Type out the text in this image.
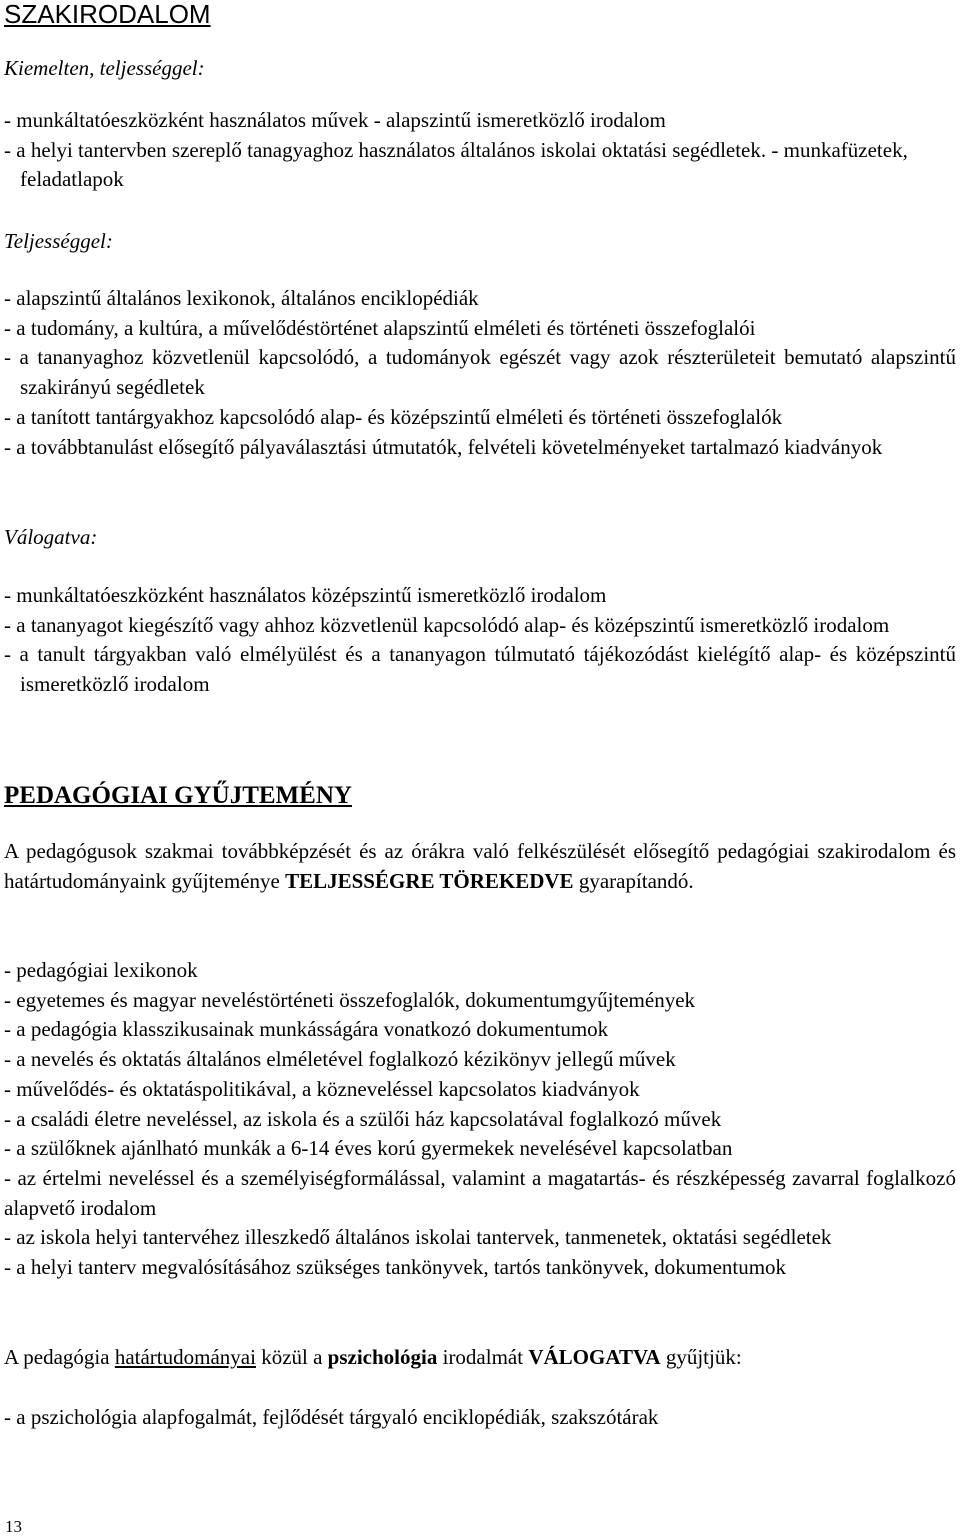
SZAKIRODALOM

Kiemelten, teljességgel:

- munkáltatóeszközként használatos művek - alapszintű ismeretközlő irodalom
- a helyi tantervben szereplő tanagyaghoz használatos általános iskolai oktatási segédletek. - munkafüzetek, feladatlapok

Teljességgel:

- alapszintű általános lexikonok, általános enciklopédiák
- a tudomány, a kultúra, a művelődéstörténet alapszintű elméleti és történeti összefoglalói
- a tananyaghoz közvetlenül kapcsolódó, a tudományok egészét vagy azok részterületeit bemutató alapszintű szakirányú segédletek
- a tanított tantárgyakhoz kapcsolódó alap- és középszintű elméleti és történeti összefoglalók
- a továbbtanulást elősegítő pályaválasztási útmutatók, felvételi követelményeket tartalmazó kiadványok

Válogatva:

- munkáltatóeszközként használatos középszintű ismeretközlő irodalom
- a tananyagot kiegészítő vagy ahhoz közvetlenül kapcsolódó alap- és középszintű ismeretközlő irodalom
- a tanult tárgyakban való elmélyülést és a tananyagon túlmutató tájékozódást kielégítő alap- és középszintű ismeretközlő irodalom
PEDAGÓGIAI GYŰJTEMÉNY

A pedagógusok szakmai továbbképzését és az órákra való felkészülését elősegítő pedagógiai szakirodalom és határtudományaink gyűjteménye TELJESSÉGRE TÖREKEDVE gyarapítandó.

- pedagógiai lexikonok
- egyetemes és magyar neveléstörténeti összefoglalók, dokumentumgyűjtemények
- a pedagógia klasszikusainak munkásságára vonatkozó dokumentumok
- a nevelés és oktatás általános elméletével foglalkozó kézikönyv jellegű művek
- művelődés- és oktatáspolitikával, a közneveléssel kapcsolatos kiadványok
- a családi életre neveléssel, az iskola és a szülői ház kapcsolatával foglalkozó művek
- a szülőknek ajánlható munkák a 6-14 éves korú gyermekek nevelésével kapcsolatban
- az értelmi neveléssel és a személyiségformálással, valamint a magatartás- és részképesség zavarral foglalkozó alapvető irodalom
- az iskola helyi tantervéhez illeszkedő általános iskolai tantervek, tanmenetek, oktatási segédletek
- a helyi tanterv megvalósításához szükséges tankönyvek, tartós tankönyvek, dokumentumok

A pedagógia határtudományai közül a pszichológia irodalmát VÁLOGATVA gyűjtjük:

- a pszichológia alapfogalmát, fejlődését tárgyaló enciklopédiák, szakszótárak
13
